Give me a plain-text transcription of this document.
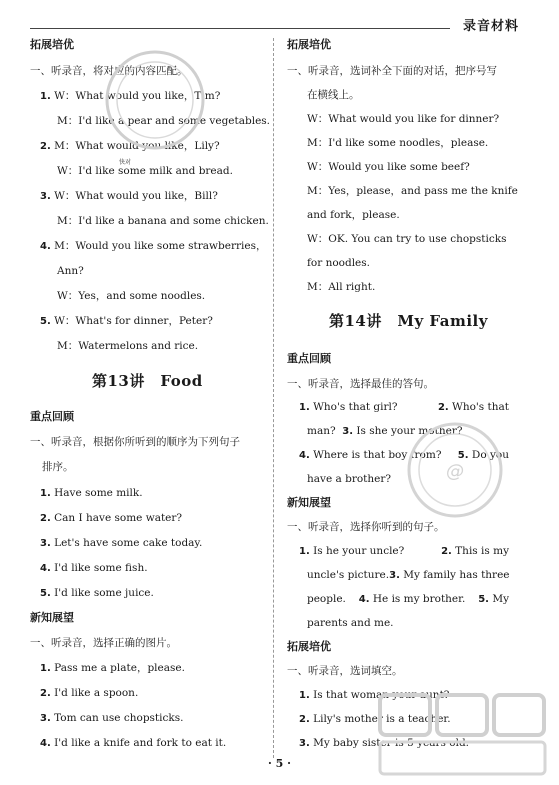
录音材料
拓展培优
一、听录音，将对应的内容匹配。
1. W：What would you like，Tim?
M：I'd like a pear and some vegetables.
2. M：What would you like，Lily?
W：I'd like some milk and bread.
3. W：What would you like，Bill?
M：I'd like a banana and some chicken.
4. M：Would you like some strawberries，
Ann?
W：Yes，and some noodles.
5. W：What's for dinner，Peter?
M：Watermelons and rice.
第13讲　Food
重点回顾
一、听录音，根据你所听到的顺序为下列句子
排序。
1. Have some milk.
2. Can I have some water?
3. Let's have some cake today.
4. I'd like some fish.
5. I'd like some juice.
新知展望
一、听录音，选择正确的图片。
1. Pass me a plate，please.
2. I'd like a spoon.
3. Tom can use chopsticks.
4. I'd like a knife and fork to eat it.
拓展培优
一、听录音，选词补全下面的对话，把序号写
在横线上。
W：What would you like for dinner?
M：I'd like some noodles，please.
W：Would you like some beef?
M：Yes，please，and pass me the knife
and fork，please.
W：OK. You can try to use chopsticks
for noodles.
M：All right.
第14讲　My Family
重点回顾
一、听录音，选择最佳的答句。
1. Who's that girl?	2. Who's that
man? 3. Is she your mother?
4. Where is that boy from? 5. Do you
have a brother?
新知展望
一、听录音，选择你听到的句子。
1. Is he your uncle?	2. This is my
uncle's picture. 3. My family has three
people. 4. He is my brother. 5. My
parents and me.
拓展培优
一、听录音，选词填空。
1. Is that woman your aunt?
2. Lily's mother is a teacher.
3. My baby sister is 5 years old.
· 5 ·
快对
@
